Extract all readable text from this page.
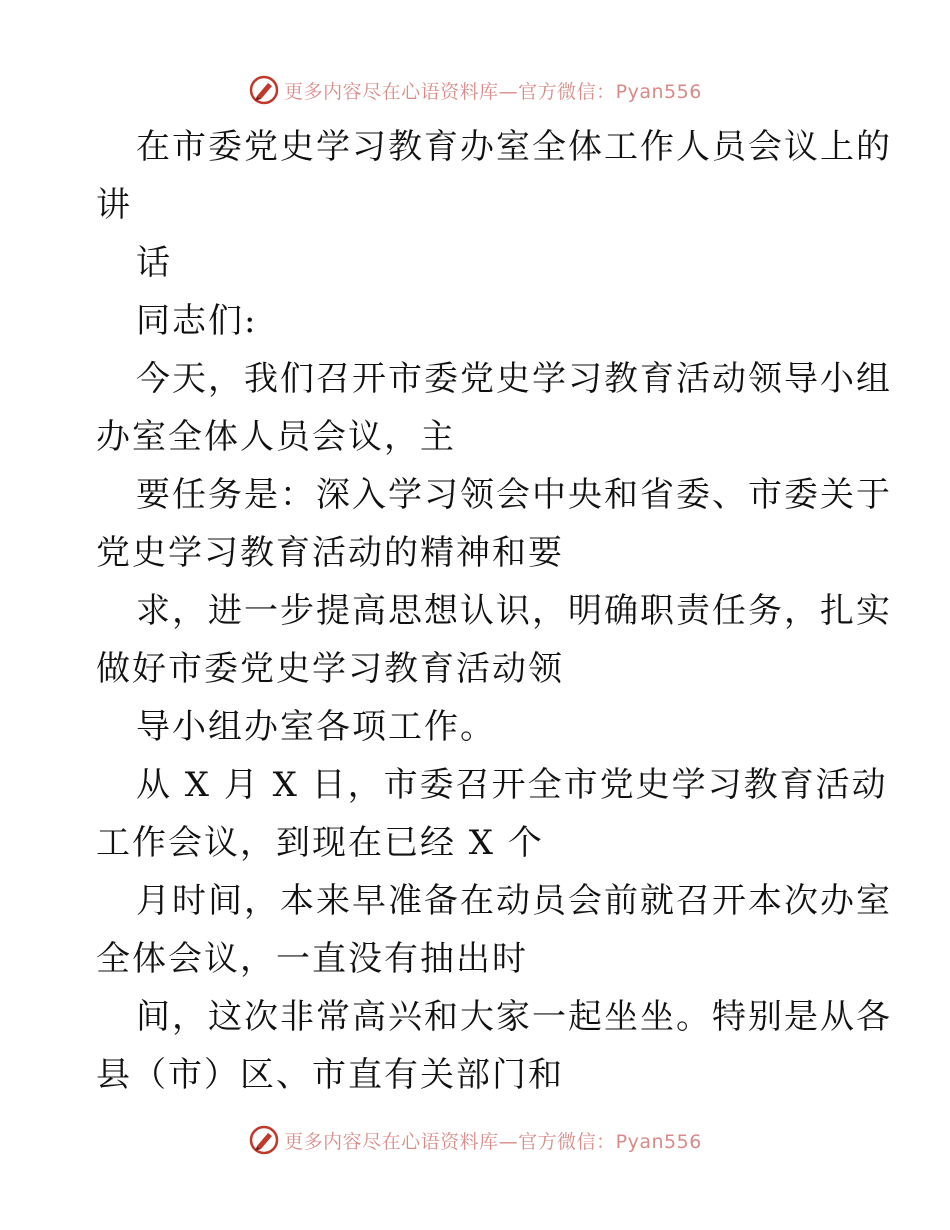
更多内容尽在心语资料库—官方微信：Pyan556
在市委党史学习教育办室全体工作人员会议上的
讲
话
同志们:
今天，我们召开市委党史学习教育活动领导小组
办室全体人员会议，主
要任务是：深入学习领会中央和省委、市委关于
党史学习教育活动的精神和要
求，进一步提高思想认识，明确职责任务，扎实
做好市委党史学习教育活动领
导小组办室各项工作。
从 X 月 X 日，市委召开全市党史学习教育活动
工作会议，到现在已经 X 个
月时间，本来早准备在动员会前就召开本次办室
全体会议，一直没有抽出时
间，这次非常高兴和大家一起坐坐。特别是从各
县（市）区、市直有关部门和
更多内容尽在心语资料库—官方微信：Pyan556
